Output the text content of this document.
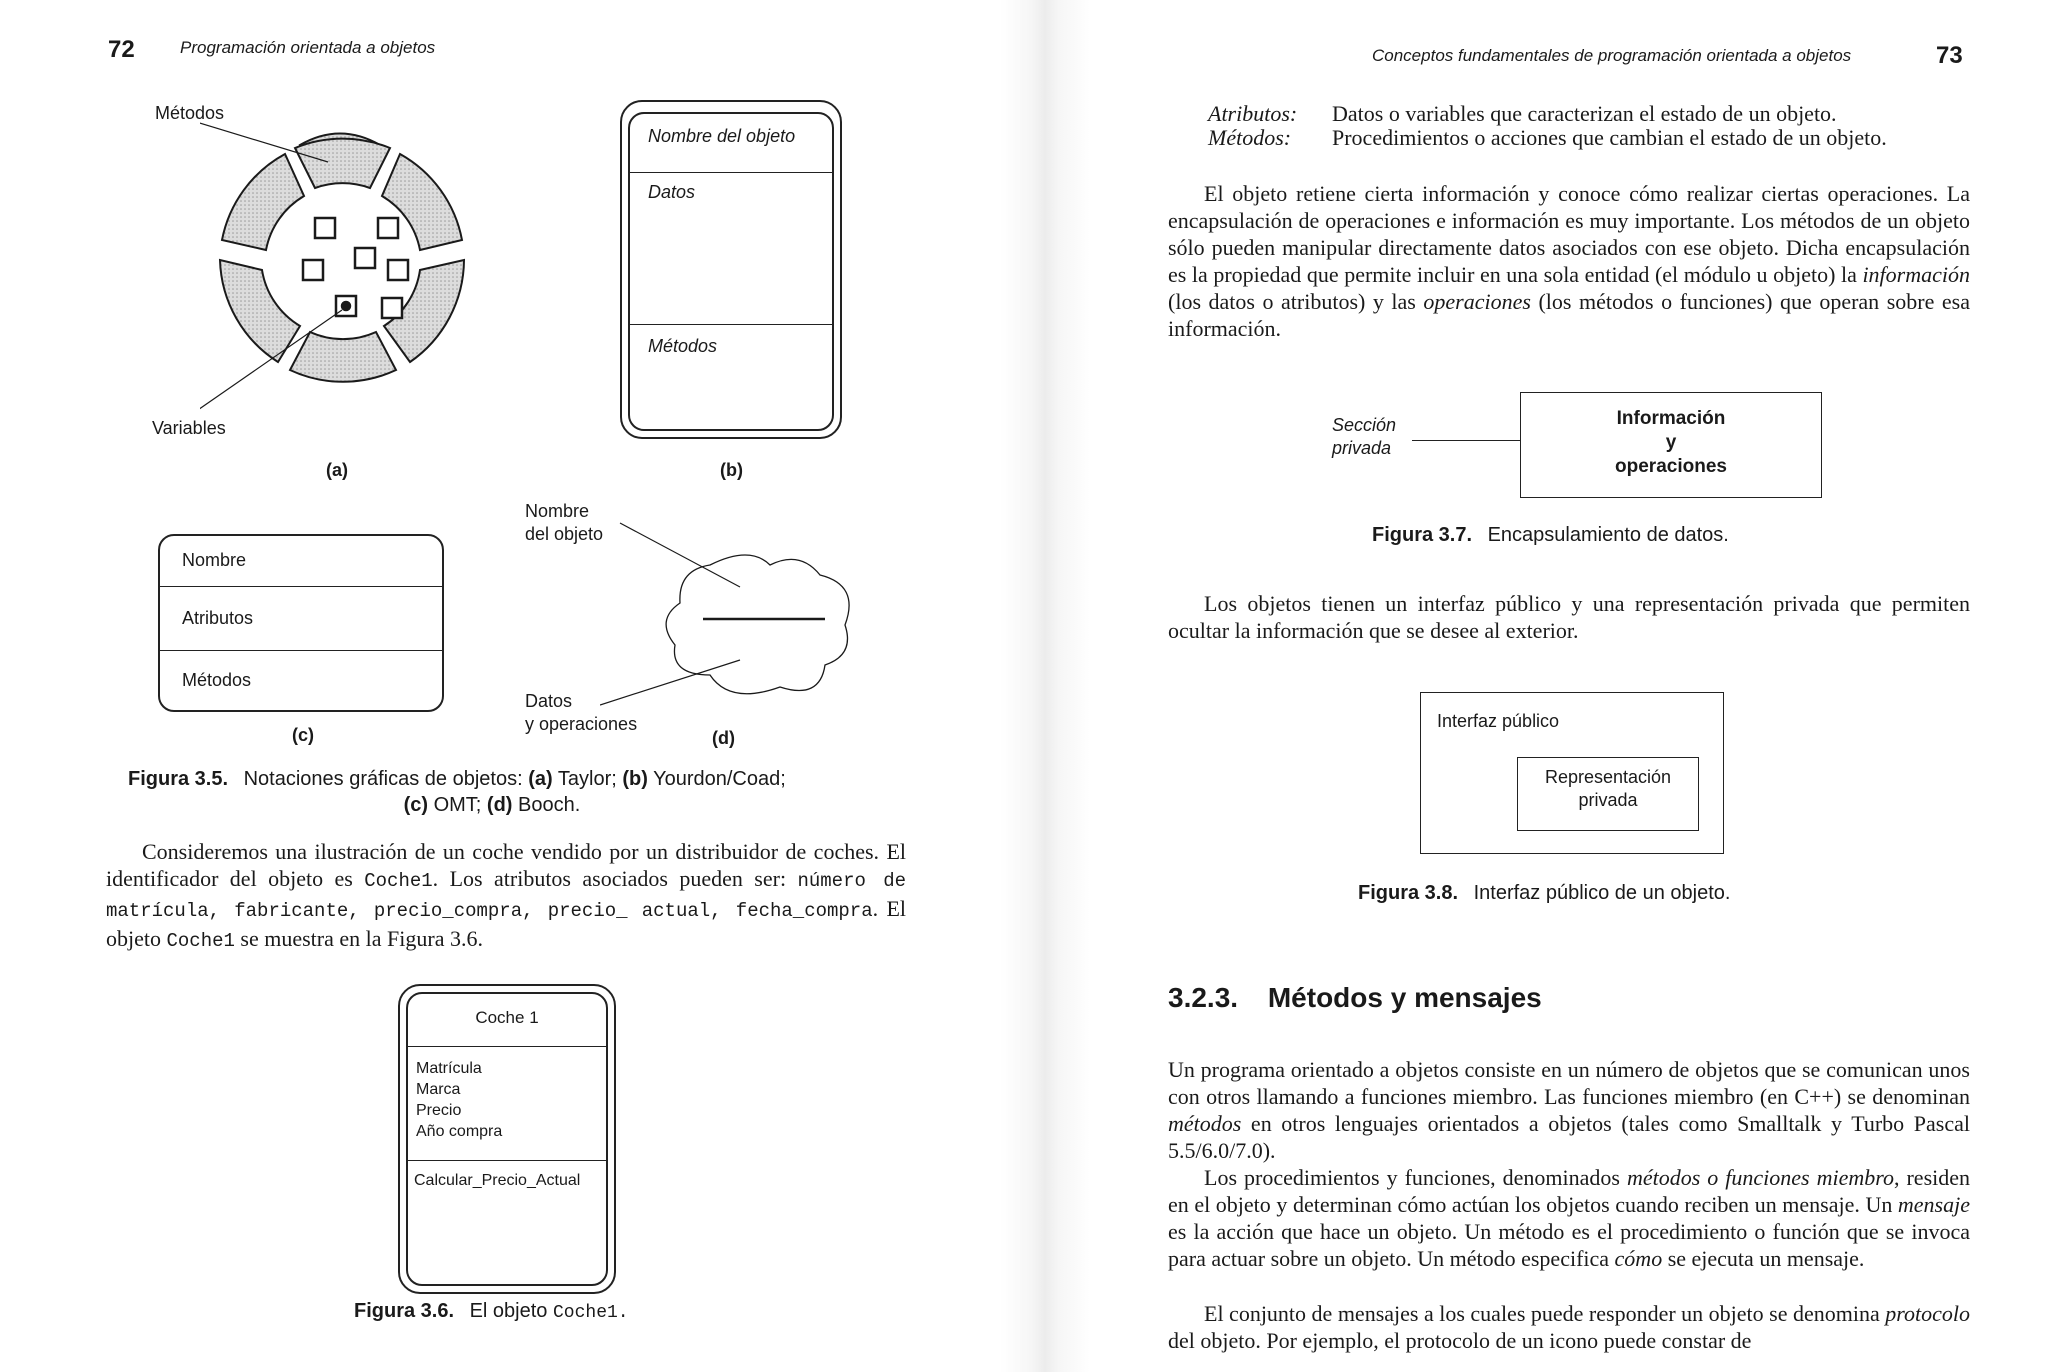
72	Programación orientada a objetos
Métodos
Variables
(a)
Nombre del objeto
Datos
Métodos
(b)
Nombre
Atributos
Métodos
(c)
Nombre
del objeto
Datos
y operaciones
(d)
Figura 3.5. Notaciones gráficas de objetos: (a) Taylor; (b) Yourdon/Coad;
(c) OMT; (d) Booch.
Consideremos una ilustración de un coche vendido por un distribuidor de coches. El identificador del objeto es Coche1. Los atributos asociados pueden ser: número de matrícula, fabricante, precio_compra, precio_ actual, fecha_compra. El objeto Coche1 se muestra en la Figura 3.6.
Coche 1
Matrícula
Marca
Precio
Año compra
Calcular_Precio_Actual
Figura 3.6. El objeto Coche1.
Conceptos fundamentales de programación orientada a objetos	73
Atributos:	Datos o variables que caracterizan el estado de un objeto.
Métodos:	Procedimientos o acciones que cambian el estado de un objeto.
El objeto retiene cierta información y conoce cómo realizar ciertas operaciones. La encapsulación de operaciones e información es muy importante. Los métodos de un objeto sólo pueden manipular directamente datos asociados con ese objeto. Dicha encapsulación es la propiedad que permite incluir en una sola entidad (el módulo u objeto) la información (los datos o atributos) y las operaciones (los métodos o funciones) que operan sobre esa información.
Sección
privada
Información
y
operaciones
Figura 3.7. Encapsulamiento de datos.
Los objetos tienen un interfaz público y una representación privada que permiten ocultar la información que se desee al exterior.
Interfaz público
Representación
privada
Figura 3.8. Interfaz público de un objeto.
3.2.3. Métodos y mensajes
Un programa orientado a objetos consiste en un número de objetos que se comunican unos con otros llamando a funciones miembro. Las funciones miembro (en C++) se denominan métodos en otros lenguajes orientados a objetos (tales como Smalltalk y Turbo Pascal 5.5/6.0/7.0).
Los procedimientos y funciones, denominados métodos o funciones miembro, residen en el objeto y determinan cómo actúan los objetos cuando reciben un mensaje. Un mensaje es la acción que hace un objeto. Un método es el procedimiento o función que se invoca para actuar sobre un objeto. Un método especifica cómo se ejecuta un mensaje.
El conjunto de mensajes a los cuales puede responder un objeto se denomina protocolo del objeto. Por ejemplo, el protocolo de un icono puede constar de
